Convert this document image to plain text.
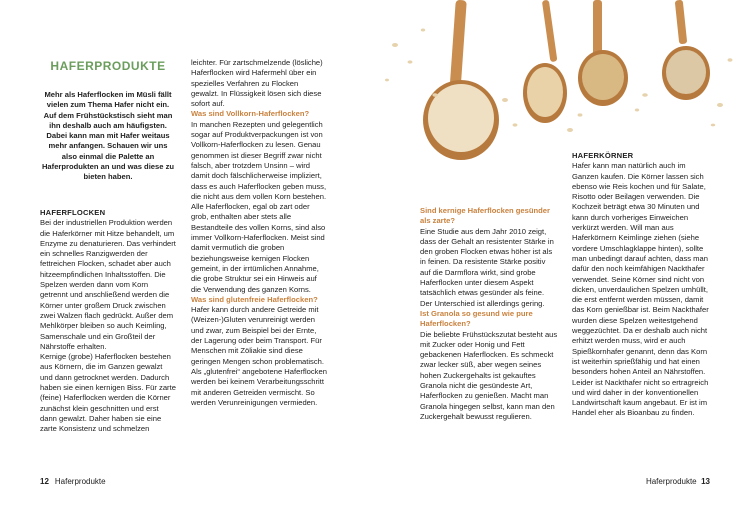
HAFERPRODUKTE
Mehr als Haferflocken im Müsli fällt vielen zum Thema Hafer nicht ein. Auf dem Frühstückstisch sieht man ihn deshalb auch am häufigsten. Dabei kann man mit Hafer weitaus mehr anfangen. Schauen wir uns also einmal die Palette an Haferprodukten an und was diese zu bieten haben.

HAFERFLOCKEN

Bei der industriellen Produktion werden die Haferkörner mit Hitze behandelt, um Enzyme zu denaturieren. Das verhindert ein schnelles Ranzigwerden der fettreichen Flocken, schadet aber auch hitzeempfindlichen Inhaltsstoffen. Die Spelzen werden dann vom Korn getrennt und anschließend werden die Körner unter großem Druck zwischen zwei Walzen flach gedrückt. Außer dem Mehlkörper bleiben so auch Keimling, Samenschale und ein Großteil der Nährstoffe erhalten.

Kernige (grobe) Haferflocken bestehen aus Körnern, die im Ganzen gewalzt und dann getrocknet werden. Dadurch haben sie einen kernigen Biss. Für zarte (feine) Haferflocken werden die Körner zunächst klein geschnitten und erst dann gewalzt. Daher haben sie eine zarte Konsistenz und schmelzen

leichter. Für zartschmelzende (lösliche) Haferflocken wird Hafermehl über ein spezielles Verfahren zu Flocken gewalzt. In Flüssigkeit lösen sich diese sofort auf.

Was sind Vollkorn-Haferflocken?

In manchen Rezepten und gelegentlich sogar auf Produktverpackungen ist von Vollkorn-Haferflocken zu lesen. Genau genommen ist dieser Begriff zwar nicht falsch, aber trotzdem Unsinn – wird damit doch fälschlicherweise impliziert, dass es auch Haferflocken geben muss, die nicht aus dem vollen Korn bestehen. Alle Haferflocken, egal ob zart oder grob, enthalten aber stets alle Bestandteile des vollen Korns, sind also immer Vollkorn-Haferflocken. Meist sind damit vermutlich die groben beziehungsweise kernigen Flocken gemeint, in der irrtümlichen Annahme, die grobe Struktur sei ein Hinweis auf die Verwendung des ganzen Korns.

Was sind glutenfreie Haferflocken?

Hafer kann durch andere Getreide mit (Weizen-)Gluten verunreinigt werden und zwar, zum Beispiel bei der Ernte, der Lagerung oder beim Transport. Für Menschen mit Zöliakie sind diese geringen Mengen schon problematisch. Als „glutenfrei“ angebotene Haferflocken werden bei keinem Verarbeitungsschritt mit anderen Getreiden vermischt. So werden Verunreinigungen vermieden.

12 Haferprodukte

Sind kernige Haferflocken gesünder als zarte?

Eine Studie aus dem Jahr 2010 zeigt, dass der Gehalt an resistenter Stärke in den groben Flocken etwas höher ist als in feinen. Da resistente Stärke positiv auf die Darmflora wirkt, sind grobe Haferflocken unter diesem Aspekt tatsächlich etwas gesünder als feine. Der Unterschied ist allerdings gering.

Ist Granola so gesund wie pure Haferflocken?

Die beliebte Frühstückszutat besteht aus mit Zucker oder Honig und Fett gebackenen Haferflocken. Es schmeckt zwar lecker süß, aber wegen seines hohen Zuckergehalts ist gekauftes Granola nicht die gesündeste Art, Haferflocken zu genießen. Macht man Granola hingegen selbst, kann man den Zuckergehalt bewusst regulieren.

HAFERKÖRNER

Hafer kann man natürlich auch im Ganzen kaufen. Die Körner lassen sich ebenso wie Reis kochen und für Salate, Risotto oder Beilagen verwenden. Die Kochzeit beträgt etwa 30 Minuten und kann durch vorheriges Einweichen verkürzt werden. Will man aus Haferkörnern Keimlinge ziehen (siehe vordere Umschlagklappe hinten), sollte man unbedingt darauf achten, dass man dafür den noch keimfähigen Nackthafer verwendet. Seine Körner sind nicht von dicken, unverdaulichen Spelzen umhüllt, die erst entfernt werden müssen, damit das Korn genießbar ist. Beim Nackthafer wurden diese Spelzen weitestgehend weggezüchtet. Da er deshalb auch nicht erhitzt werden muss, wird er auch Spießkornhafer genannt, denn das Korn ist weiterhin sprießfähig und hat einen besonders hohen Anteil an Nährstoffen. Leider ist Nackthafer nicht so ertragreich und wird daher in der konventionellen Landwirtschaft kaum angebaut. Er ist im Handel eher als Bioanbau zu finden.

Haferprodukte 13
